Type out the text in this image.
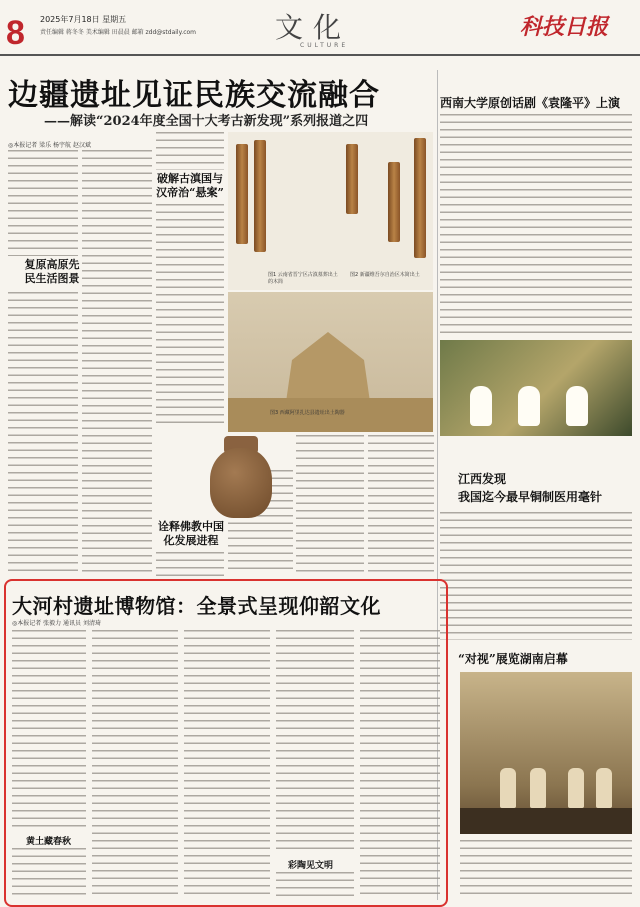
8 2025年7月18日 星期五
责任编辑 蒋冬冬 美术编辑 田晨晨 邮箱 zdd@stdaily.com	文化
CULTURE
科技日报
边疆遗址见证民族交流融合
——解读“2024年度全国十大考古新发现”系列报道之四
◎本报记者 梁乐 杨宇航 赵汉斌
复原高原先民生活图景
破解古滇国与汉帝治“悬案”
图1 云南省晋宁区古滇墓葬出土的木简
图2 新疆维吾尔自治区木简出土
图3 西藏阿里扎达县遗址出土陶器
诠释佛教中国化发展进程
西南大学原创话剧《袁隆平》上演
江西发现
我国迄今最早铜制医用毫针
“对视”展览湖南启幕
大河村遗址博物馆：全景式呈现仰韶文化
◎本报记者 张毅力 通讯员 刘清琦
黄土藏春秋
彩陶见文明
